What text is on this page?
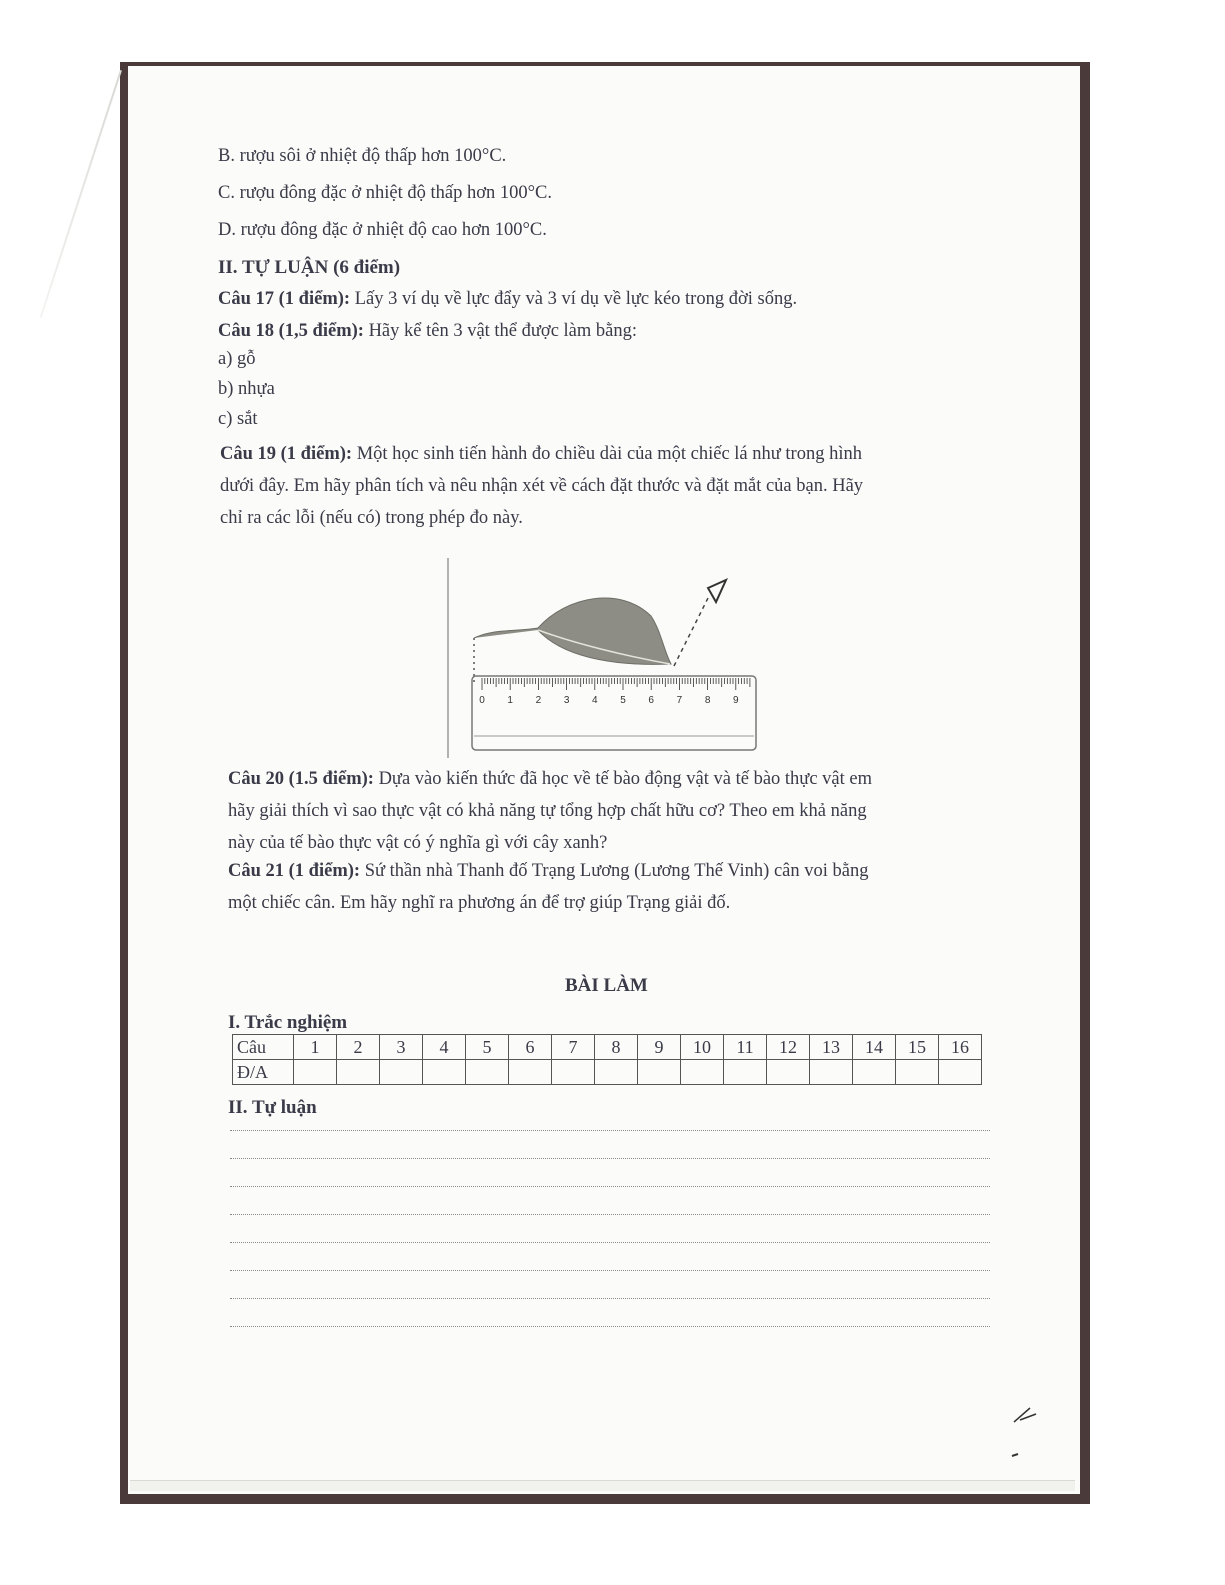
B. rượu sôi ở nhiệt độ thấp hơn 100°C.
C. rượu đông đặc ở nhiệt độ thấp hơn 100°C.
D. rượu đông đặc ở nhiệt độ cao hơn 100°C.
II. TỰ LUẬN (6 điểm)
Câu 17 (1 điểm): Lấy 3 ví dụ về lực đẩy và 3 ví dụ về lực kéo trong đời sống.
Câu 18 (1,5 điểm): Hãy kể tên 3 vật thể được làm bằng:
a) gỗ
b) nhựa
c) sắt
Câu 19 (1 điểm): Một học sinh tiến hành đo chiều dài của một chiếc lá như trong hình
dưới đây. Em hãy phân tích và nêu nhận xét về cách đặt thước và đặt mắt của bạn. Hãy
chỉ ra các lỗi (nếu có) trong phép đo này.
0 1 2 3 4 5 6 7 8 9
Câu 20 (1.5 điểm): Dựa vào kiến thức đã học về tế bào động vật và tế bào thực vật em
hãy giải thích vì sao thực vật có khả năng tự tổng hợp chất hữu cơ? Theo em khả năng
này của tế bào thực vật có ý nghĩa gì với cây xanh?
Câu 21 (1 điểm): Sứ thần nhà Thanh đố Trạng Lương (Lương Thế Vinh) cân voi bằng
một chiếc cân. Em hãy nghĩ ra phương án để trợ giúp Trạng giải đố.
BÀI LÀM
I. Trắc nghiệm
Câu	1	2	3	4	5	6	7	8	9	10	11	12	13	14	15	16
Đ/A																
II. Tự luận
